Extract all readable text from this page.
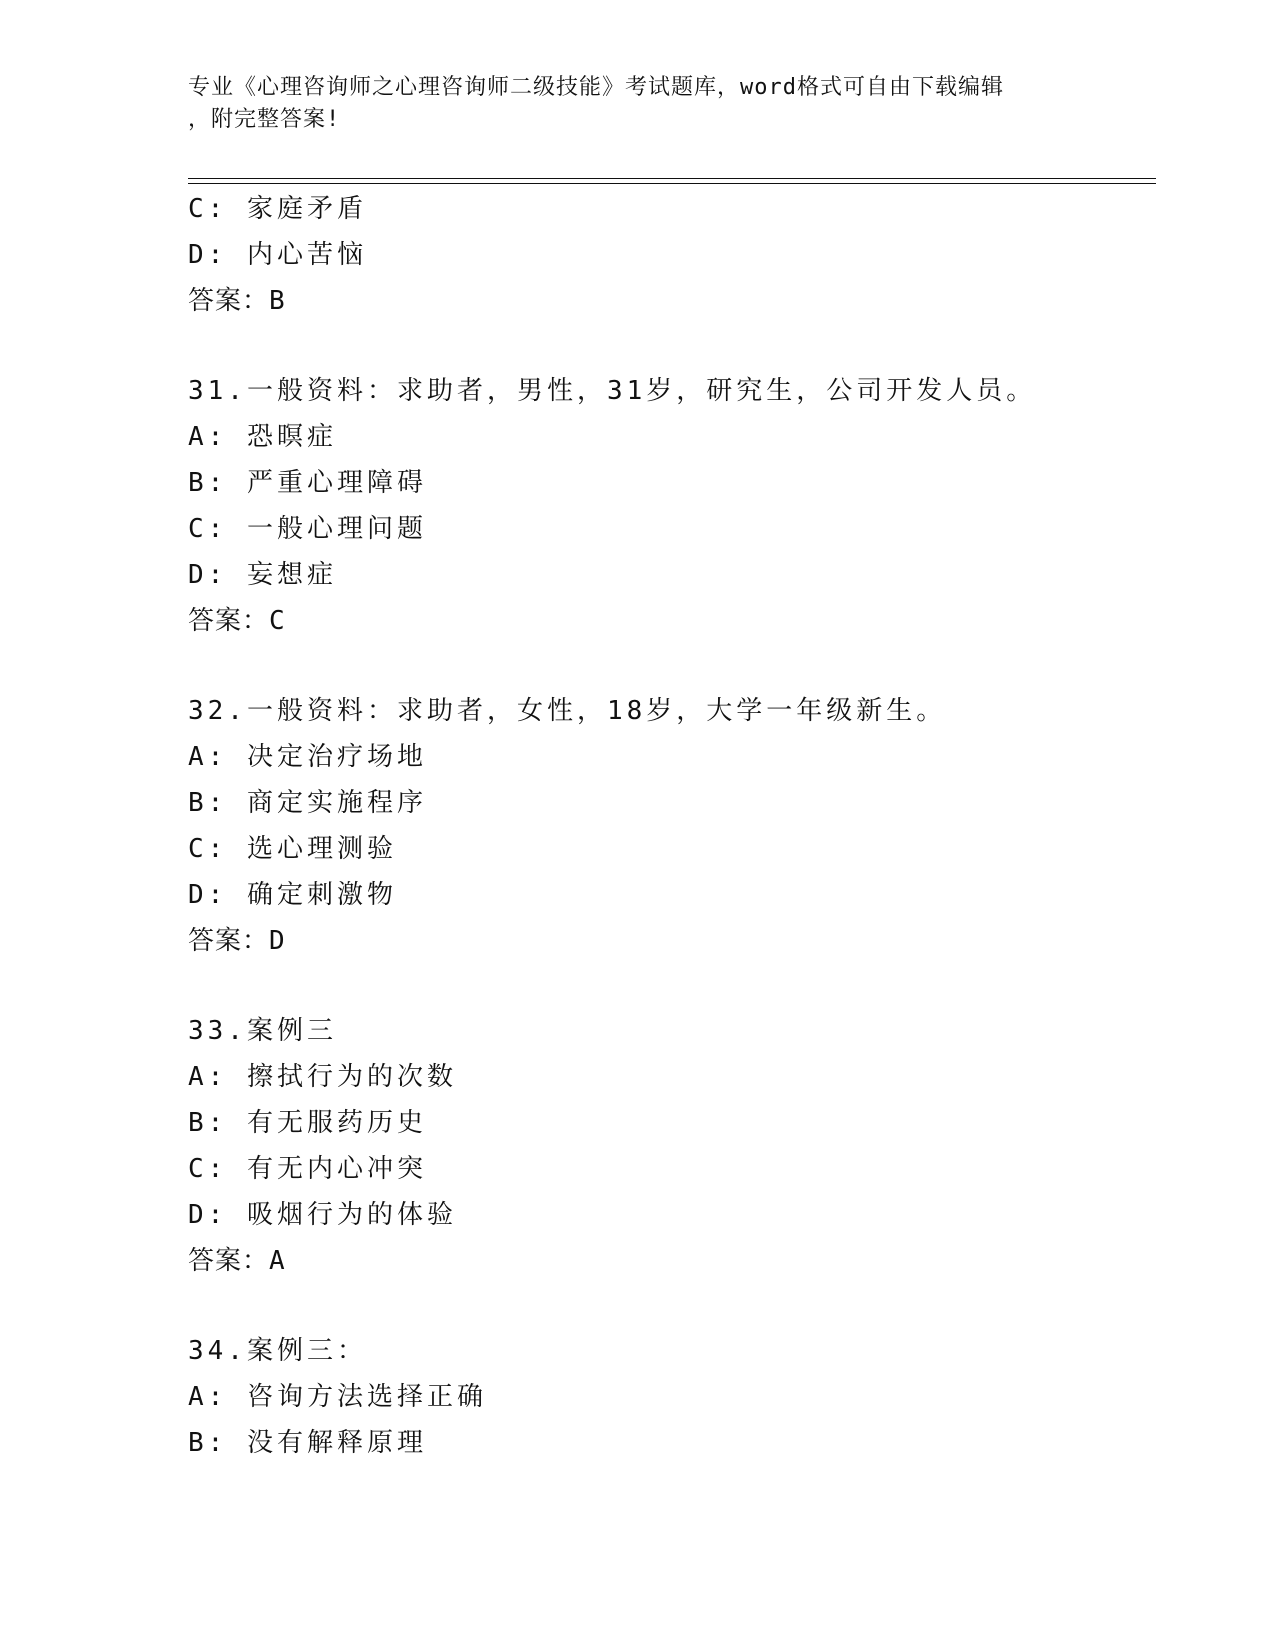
专业《心理咨询师之心理咨询师二级技能》考试题库，word格式可自由下载编辑
，附完整答案!
C: 家庭矛盾
D: 内心苦恼
答案：B
31.一般资料：求助者，男性，31岁，研究生，公司开发人员。
A: 恐暝症
B: 严重心理障碍
C: 一般心理问题
D: 妄想症
答案：C
32.一般资料：求助者，女性，18岁，大学一年级新生。
A: 决定治疗场地
B: 商定实施程序
C: 选心理测验
D: 确定刺激物
答案：D
33.案例三
A: 擦拭行为的次数
B: 有无服药历史
C: 有无内心冲突
D: 吸烟行为的体验
答案：A
34.案例三：
A: 咨询方法选择正确
B: 没有解释原理
